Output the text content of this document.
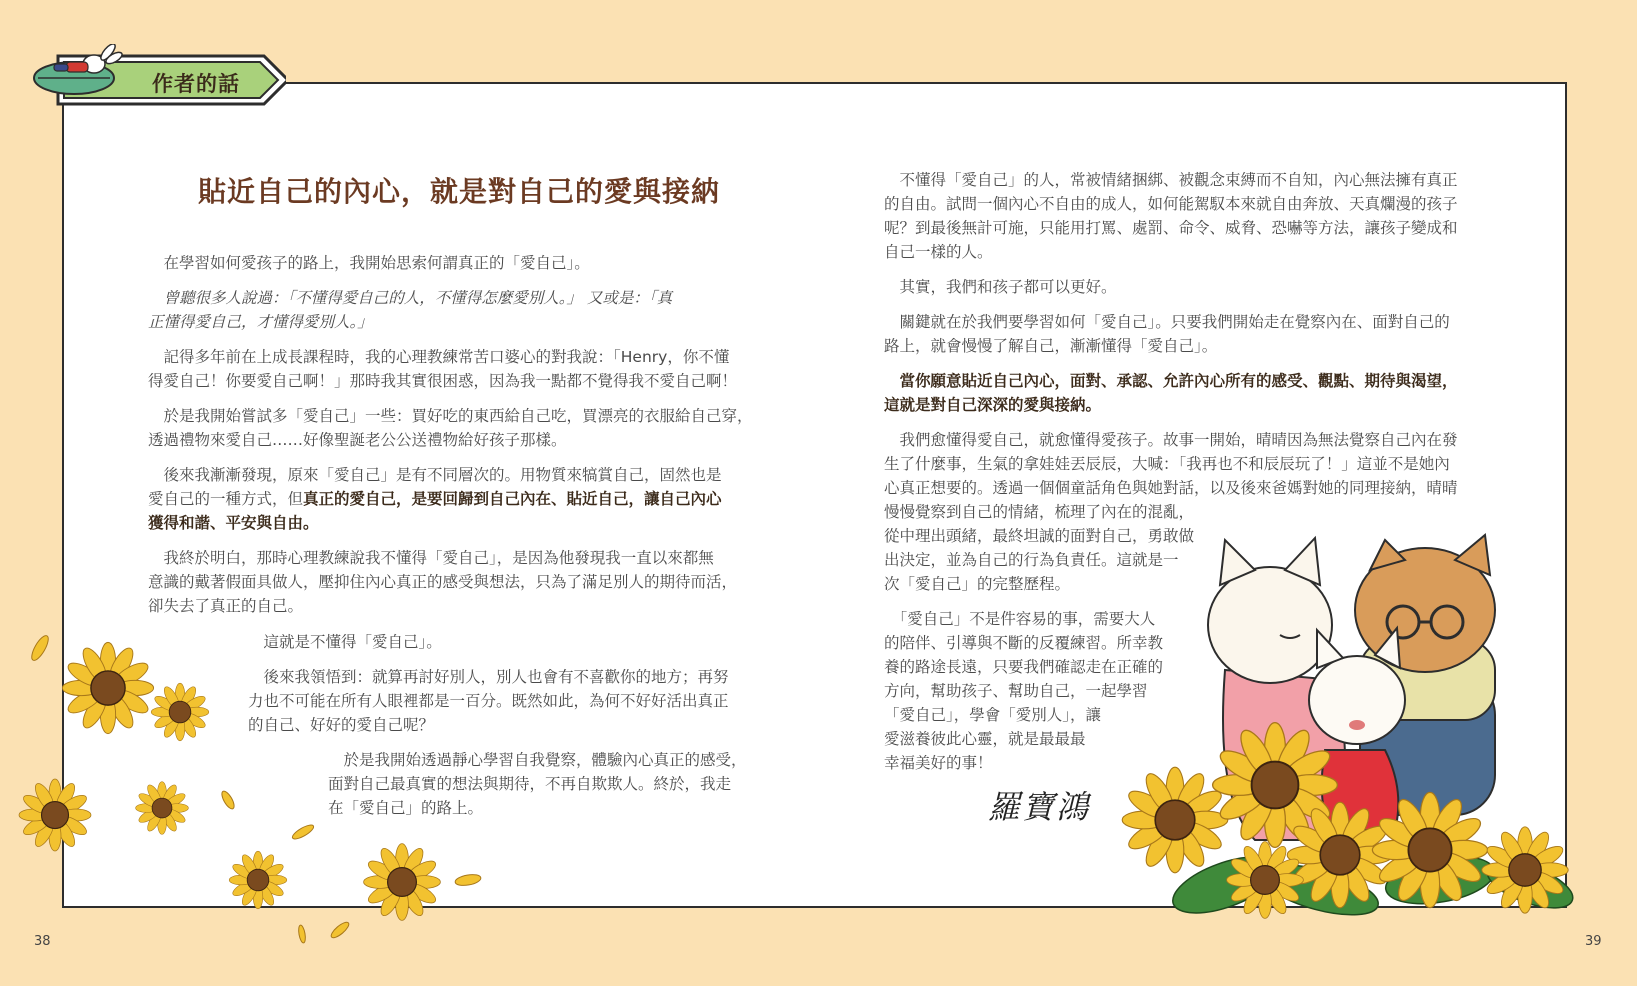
作者的話
貼近自己的內心，就是對自己的愛與接納

　在學習如何愛孩子的路上，我開始思索何謂真正的「愛自己」。

　曾聽很多人說過：「不懂得愛自己的人，不懂得怎麼愛別人。」 又或是：「真

正懂得愛自己，才懂得愛別人。」

　記得多年前在上成長課程時，我的心理教練常苦口婆心的對我說：「Henry，你不懂

得愛自己！你要愛自己啊！」那時我其實很困惑，因為我一點都不覺得我不愛自己啊！

　於是我開始嘗試多「愛自己」一些：買好吃的東西給自己吃，買漂亮的衣服給自己穿，

透過禮物來愛自己……好像聖誕老公公送禮物給好孩子那樣。

　後來我漸漸發現，原來「愛自己」是有不同層次的。用物質來犒賞自己，固然也是

愛自己的一種方式，但真正的愛自己，是要回歸到自己內在、貼近自己，讓自己內心

獲得和諧、平安與自由。

　我終於明白，那時心理教練說我不懂得「愛自己」，是因為他發現我一直以來都無

意識的戴著假面具做人，壓抑住內心真正的感受與想法，只為了滿足別人的期待而活，

卻失去了真正的自己。

　這就是不懂得「愛自己」。

　後來我領悟到：就算再討好別人，別人也會有不喜歡你的地方；再努

力也不可能在所有人眼裡都是一百分。既然如此，為何不好好活出真正

的自己、好好的愛自己呢？

　於是我開始透過靜心學習自我覺察，體驗內心真正的感受，

面對自己最真實的想法與期待，不再自欺欺人。終於，我走

在「愛自己」的路上。

　不懂得「愛自己」的人，常被情緒捆綁、被觀念束縛而不自知，內心無法擁有真正

的自由。試問一個內心不自由的成人，如何能駕馭本來就自由奔放、天真爛漫的孩子

呢？到最後無計可施，只能用打罵、處罰、命令、威脅、恐嚇等方法，讓孩子變成和

自己一樣的人。

　其實，我們和孩子都可以更好。

　關鍵就在於我們要學習如何「愛自己」。只要我們開始走在覺察內在、面對自己的

路上，就會慢慢了解自己，漸漸懂得「愛自己」。

　當你願意貼近自己內心，面對、承認、允許內心所有的感受、觀點、期待與渴望，

這就是對自己深深的愛與接納。

　我們愈懂得愛自己，就愈懂得愛孩子。故事一開始，晴晴因為無法覺察自己內在發

生了什麼事，生氣的拿娃娃丟辰辰，大喊：「我再也不和辰辰玩了！」這並不是她內

心真正想要的。透過一個個童話角色與她對話，以及後來爸媽對她的同理接納，晴晴

慢慢覺察到自己的情緒，梳理了內在的混亂，

從中理出頭緒，最終坦誠的面對自己，勇敢做

出決定，並為自己的行為負責任。這就是一

次「愛自己」的完整歷程。

　「愛自己」不是件容易的事，需要大人

的陪伴、引導與不斷的反覆練習。所幸教

養的路途長遠，只要我們確認走在正確的

方向，幫助孩子、幫助自己，一起學習

「愛自己」，學會「愛別人」，讓

愛滋養彼此心靈，就是最最最

幸福美好的事！

羅寶鴻
38	39
